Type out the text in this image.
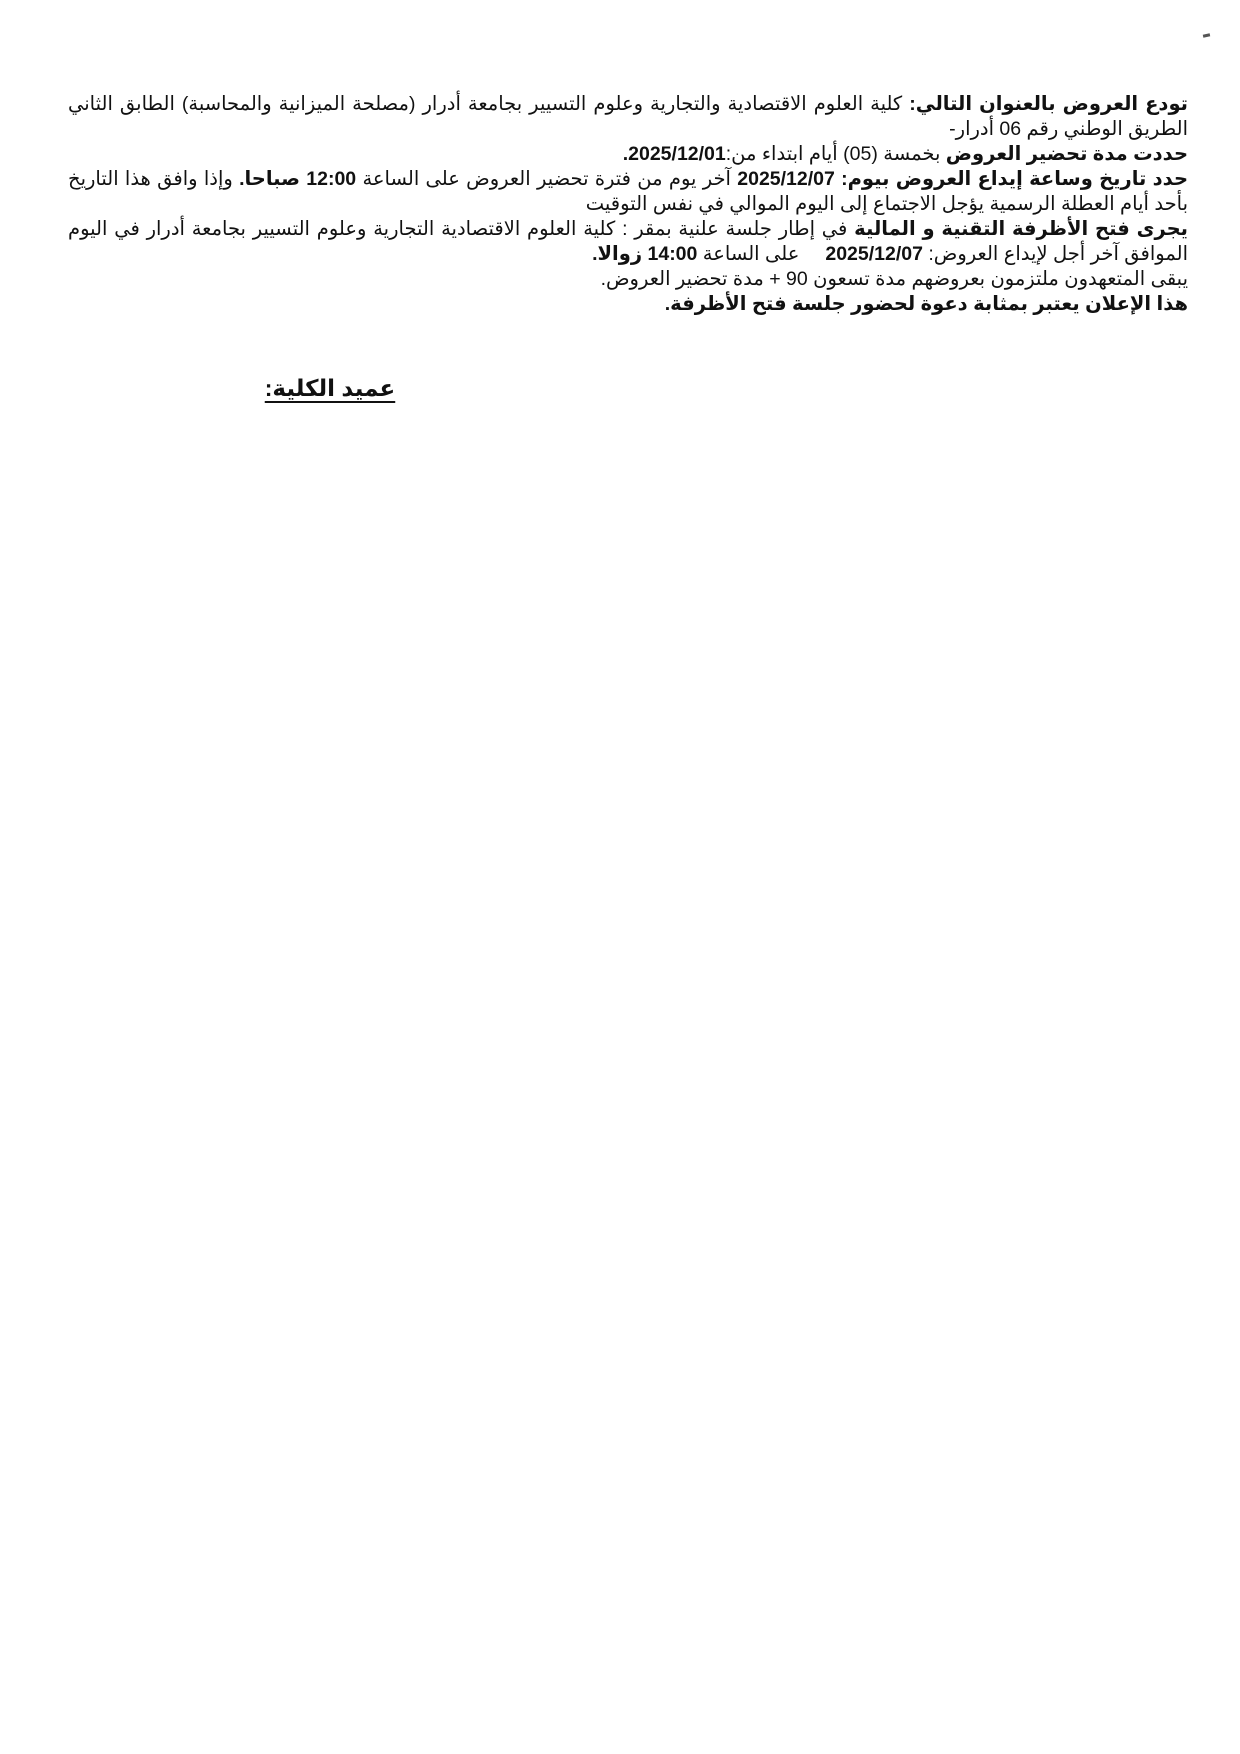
تودع العروض بالعنوان التالي: كلية العلوم الاقتصادية والتجارية وعلوم التسيير بجامعة أدرار (مصلحة الميزانية والمحاسبة) الطابق الثاني الطريق الوطني رقم 06 أدرار-

حددت مدة تحضير العروض بخمسة (05) أيام ابتداء من:2025/12/01.

حدد تاريخ وساعة إيداع العروض بيوم: 2025/12/07 آخر يوم من فترة تحضير العروض على الساعة 12:00 صباحا. وإذا وافق هذا التاريخ بأحد أيام العطلة الرسمية يؤجل الاجتماع إلى اليوم الموالي في نفس التوقيت

يجرى فتح الأظرفة التقنية و المالية في إطار جلسة علنية بمقر : كلية العلوم الاقتصادية التجارية وعلوم التسيير بجامعة أدرار في اليوم الموافق آخر أجل لإيداع العروض: 2025/12/07على الساعة 14:00 زوالا.

يبقى المتعهدون ملتزمون بعروضهم مدة تسعون 90 + مدة تحضير العروض.

هذا الإعلان يعتبر بمثابة دعوة لحضور جلسة فتح الأظرفة.

عميد الكلية:
